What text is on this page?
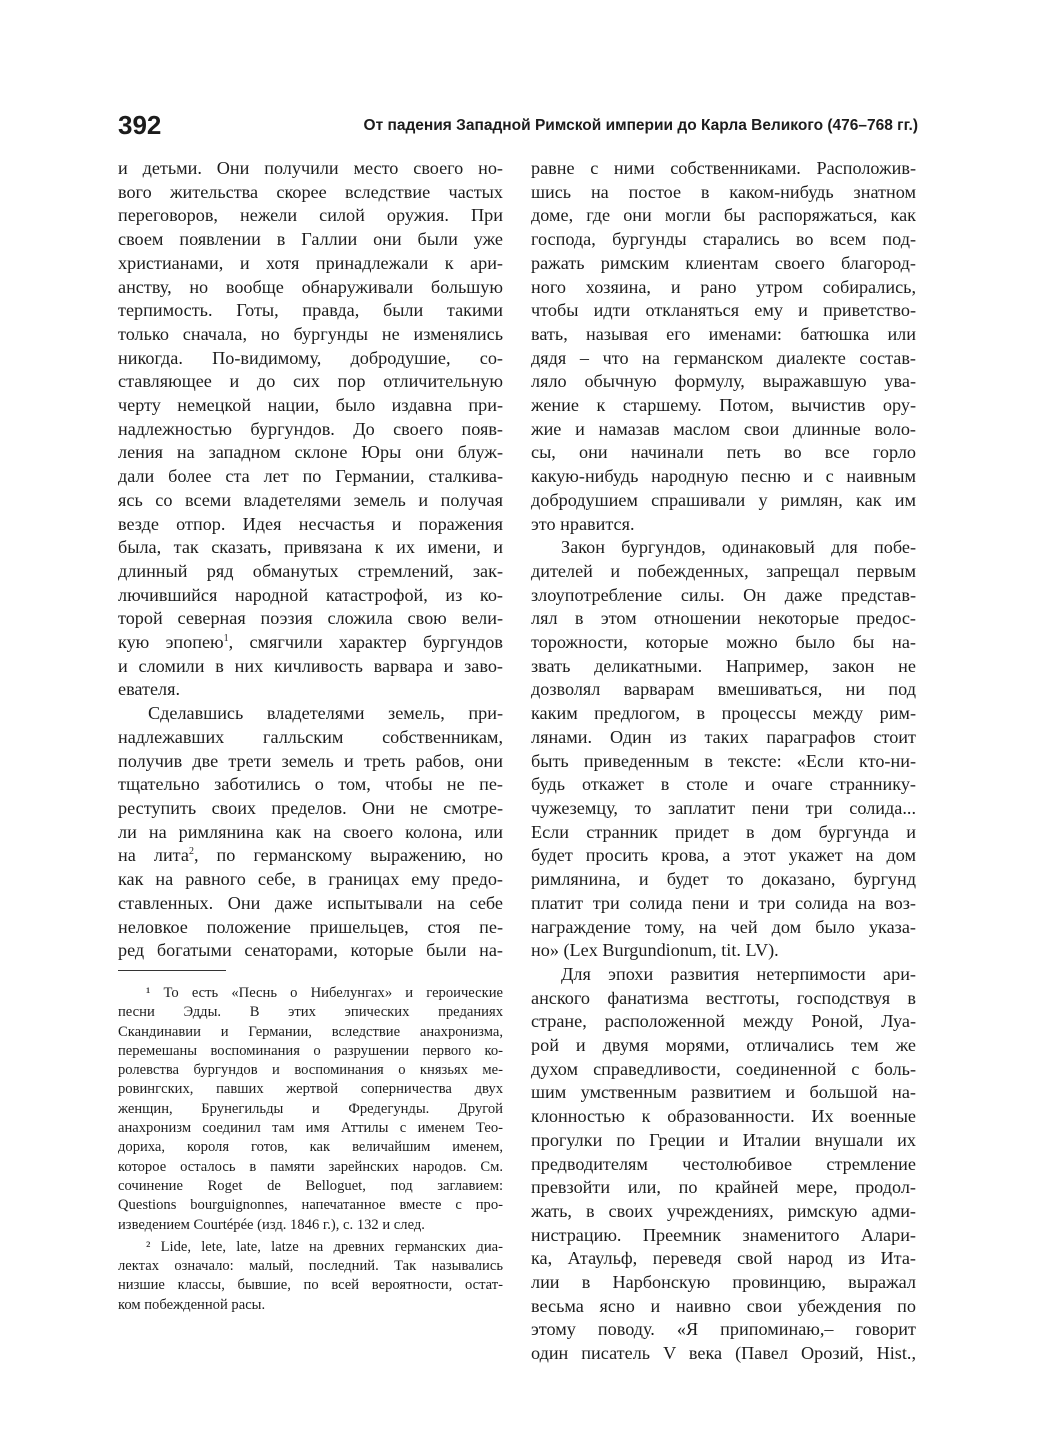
392	От падения Западной Римской империи до Карла Великого (476–768 гг.)
и детьми. Они получили место своего но-
вого жительства скорее вследствие частых
переговоров, нежели силой оружия. При
своем появлении в Галлии они были уже
христианами, и хотя принадлежали к ари-
анству, но вообще обнаруживали большую
терпимость. Готы, правда, были такими
только сначала, но бургунды не изменялись
никогда. По-видимому, добродушие, со-
ставляющее и до сих пор отличительную
черту немецкой нации, было издавна при-
надлежностью бургундов. До своего появ-
ления на западном склоне Юры они блуж-
дали более ста лет по Германии, сталкива-
ясь со всеми владетелями земель и получая
везде отпор. Идея несчастья и поражения
была, так сказать, привязана к их имени, и
длинный ряд обманутых стремлений, зак-
лючившийся народной катастрофой, из ко-
торой северная поэзия сложила свою вели-
кую эпопею$^1$, смягчили характер бургундов
и сломили в них кичливость варвара и заво-
евателя.
Сделавшись владетелями земель, при-
надлежавших галльским собственникам,
получив две трети земель и треть рабов, они
тщательно заботились о том, чтобы не пе-
реступить своих пределов. Они не смотре-
ли на римлянина как на своего колона, или
на лита$^2$, по германскому выражению, но
как на равного себе, в границах ему предо-
ставленных. Они даже испытывали на себе
неловкое положение пришельцев, стоя пе-
ред богатыми сенаторами, которые были на-
равне с ними собственниками. Расположив-
шись на постое в каком-нибудь знатном
доме, где они могли бы распоряжаться, как
господа, бургунды старались во всем под-
ражать римским клиентам своего благород-
ного хозяина, и рано утром собирались,
чтобы идти откланяться ему и приветство-
вать, называя его именами: батюшка или
дядя – что на германском диалекте состав-
ляло обычную формулу, выражавшую ува-
жение к старшему. Потом, вычистив ору-
жие и намазав маслом свои длинные воло-
сы, они начинали петь во все горло
какую-нибудь народную песню и с наивным
добродушием спрашивали у римлян, как им
это нравится.
Закон бургундов, одинаковый для побе-
дителей и побежденных, запрещал первым
злоупотребление силы. Он даже представ-
лял в этом отношении некоторые предос-
торожности, которые можно было бы на-
звать деликатными. Например, закон не
дозволял варварам вмешиваться, ни под
каким предлогом, в процессы между рим-
лянами. Один из таких параграфов стоит
быть приведенным в тексте: «Если кто-ни-
будь откажет в столе и очаге страннику-
чужеземцу, то заплатит пени три солида...
Если странник придет в дом бургунда и
будет просить крова, а этот укажет на дом
римлянина, и будет то доказано, бургунд
платит три солида пени и три солида на воз-
награждение тому, на чей дом было указа-
но» (Lex Burgundionum, tit. LV).
Для эпохи развития нетерпимости ари-
анского фанатизма вестготы, господствуя в
стране, расположенной между Роной, Луа-
рой и двумя морями, отличались тем же
духом справедливости, соединенной с боль-
шим умственным развитием и большой на-
клонностью к образованности. Их военные
прогулки по Греции и Италии внушали их
предводителям честолюбивое стремление
превзойти или, по крайней мере, продол-
жать, в своих учреждениях, римскую адми-
нистрацию. Преемник знаменитого Алари-
ка, Атаульф, переведя свой народ из Ита-
лии в Нарбонскую провинцию, выражал
весьма ясно и наивно свои убеждения по
этому поводу. «Я припоминаю,– говорит
один писатель V века (Павел Орозий, Hist.,
¹ То есть «Песнь о Нибелунгах» и героические
песни Эдды. В этих эпических преданиях
Скандинавии и Германии, вследствие анахронизма,
перемешаны воспоминания о разрушении первого ко-
ролевства бургундов и воспоминания о князьях ме-
ровингских, павших жертвой соперничества двух
женщин, Брунегильды и Фредегунды. Другой
анахронизм соединил там имя Аттилы с именем Тео-
дориха, короля готов, как величайшим именем,
которое осталось в памяти зарейнских народов. См.
сочинение Roget de Belloguet, под заглавием:
Questions bourguignonnes, напечатанное вместе с про-
изведением Courtépée (изд. 1846 г.), с. 132 и след.
² Lide, lete, late, latze на древних германских диа-
лектах означало: малый, последний. Так назывались
низшие классы, бывшие, по всей вероятности, остат-
ком побежденной расы.
